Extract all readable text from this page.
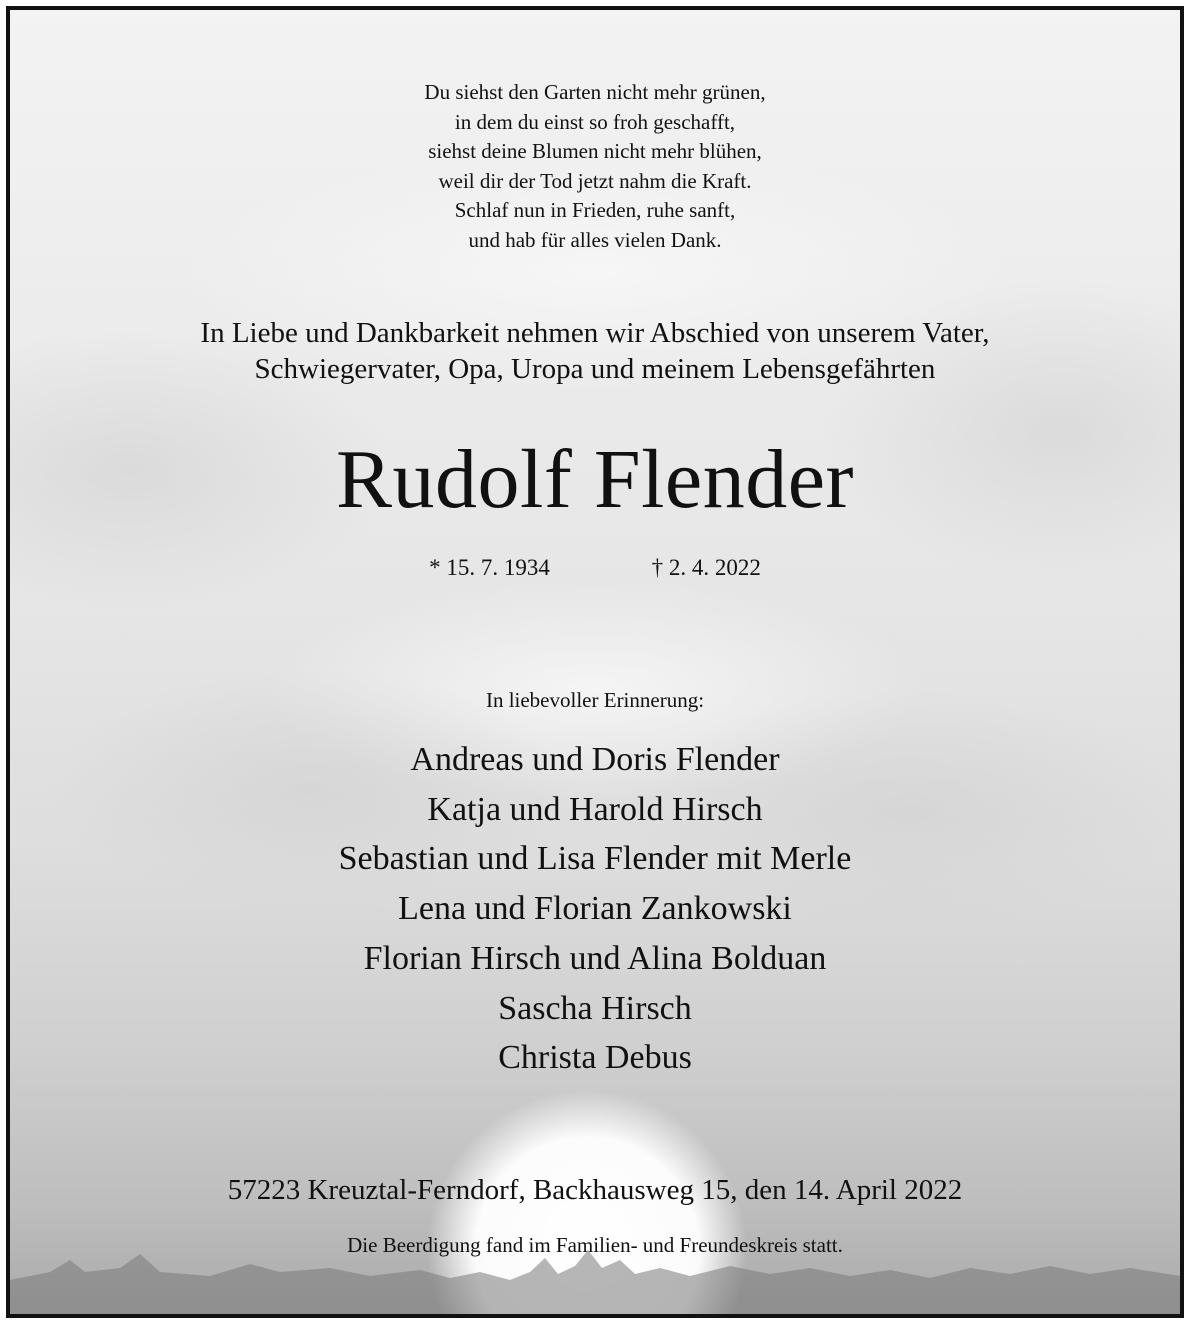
Du siehst den Garten nicht mehr grünen,
in dem du einst so froh geschafft,
siehst deine Blumen nicht mehr blühen,
weil dir der Tod jetzt nahm die Kraft.
Schlaf nun in Frieden, ruhe sanft,
und hab für alles vielen Dank.
In Liebe und Dankbarkeit nehmen wir Abschied von unserem Vater,
Schwiegervater, Opa, Uropa und meinem Lebensgefährten
Rudolf Flender
* 15. 7. 1934	† 2. 4. 2022
In liebevoller Erinnerung:
Andreas und Doris Flender
Katja und Harold Hirsch
Sebastian und Lisa Flender mit Merle
Lena und Florian Zankowski
Florian Hirsch und Alina Bolduan
Sascha Hirsch
Christa Debus
57223 Kreuztal-Ferndorf, Backhausweg 15, den 14. April 2022
Die Beerdigung fand im Familien- und Freundeskreis statt.
